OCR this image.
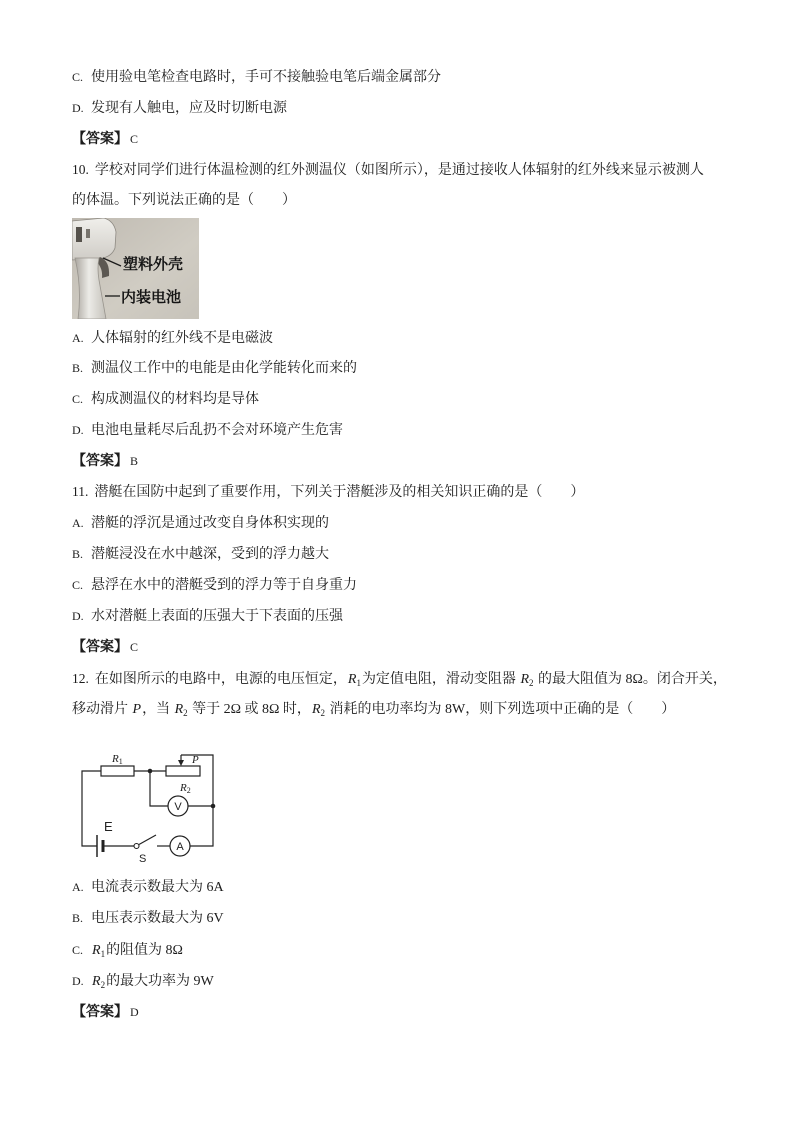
C. 使用验电笔检查电路时，手可不接触验电笔后端金属部分
D. 发现有人触电，应及时切断电源
【答案】 C
10. 学校对同学们进行体温检测的红外测温仪（如图所示），是通过接收人体辐射的红外线来显示被测人
的体温。下列说法正确的是（　　）
塑料外壳
内装电池
A. 人体辐射的红外线不是电磁波
B. 测温仪工作中的电能是由化学能转化而来的
C. 构成测温仪的材料均是导体
D. 电池电量耗尽后乱扔不会对环境产生危害
【答案】 B
11. 潜艇在国防中起到了重要作用，下列关于潜艇涉及的相关知识正确的是（　　）
A. 潜艇的浮沉是通过改变自身体积实现的
B. 潜艇浸没在水中越深，受到的浮力越大
C. 悬浮在水中的潜艇受到的浮力等于自身重力
D. 水对潜艇上表面的压强大于下表面的压强
【答案】 C
12. 在如图所示的电路中，电源的电压恒定，$R_1$为定值电阻，滑动变阻器 $R_2$ 的最大阻值为 8Ω。闭合开关，
移动滑片 P，当 $R_2$ 等于 2Ω 或 8Ω 时，$R_2$ 消耗的电功率均为 8W，则下列选项中正确的是（　　）
R1	P
R2
V
A
E
S
A. 电流表示数最大为 6A
B. 电压表示数最大为 6V
C. $R_1$的阻值为 8Ω
D. $R_2$的最大功率为 9W
【答案】 D
